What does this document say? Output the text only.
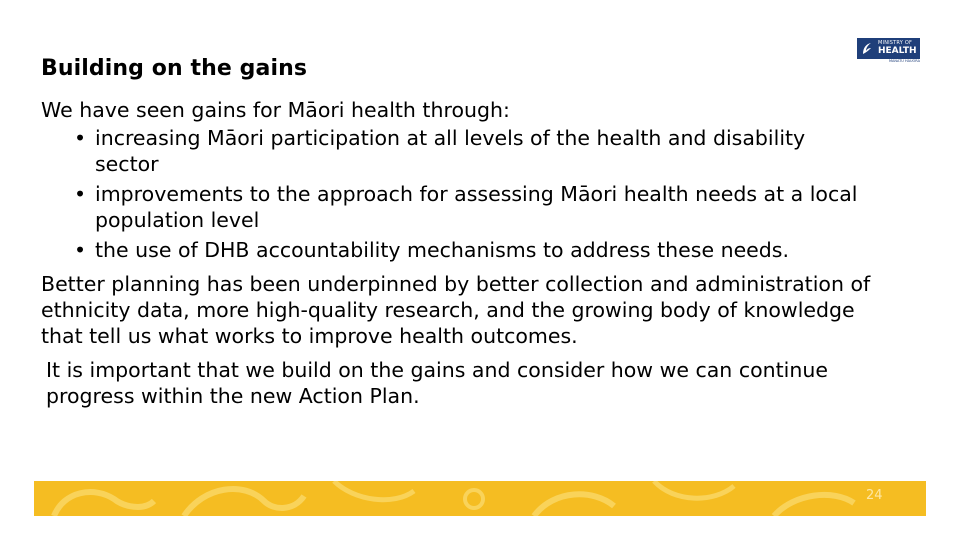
Building on the gains
MINISTRY OF
HEALTH
MANATŪ HAUORA

We have seen gains for Māori health through:

• increasing Māori participation at all levels of the health and disability sector
• improvements to the approach for assessing Māori health needs at a local population level
• the use of DHB accountability mechanisms to address these needs.

Better planning has been underpinned by better collection and administration of ethnicity data, more high-quality research, and the growing body of knowledge that tell us what works to improve health outcomes.

It is important that we build on the gains and consider how we can continue progress within the new Action Plan.

24
